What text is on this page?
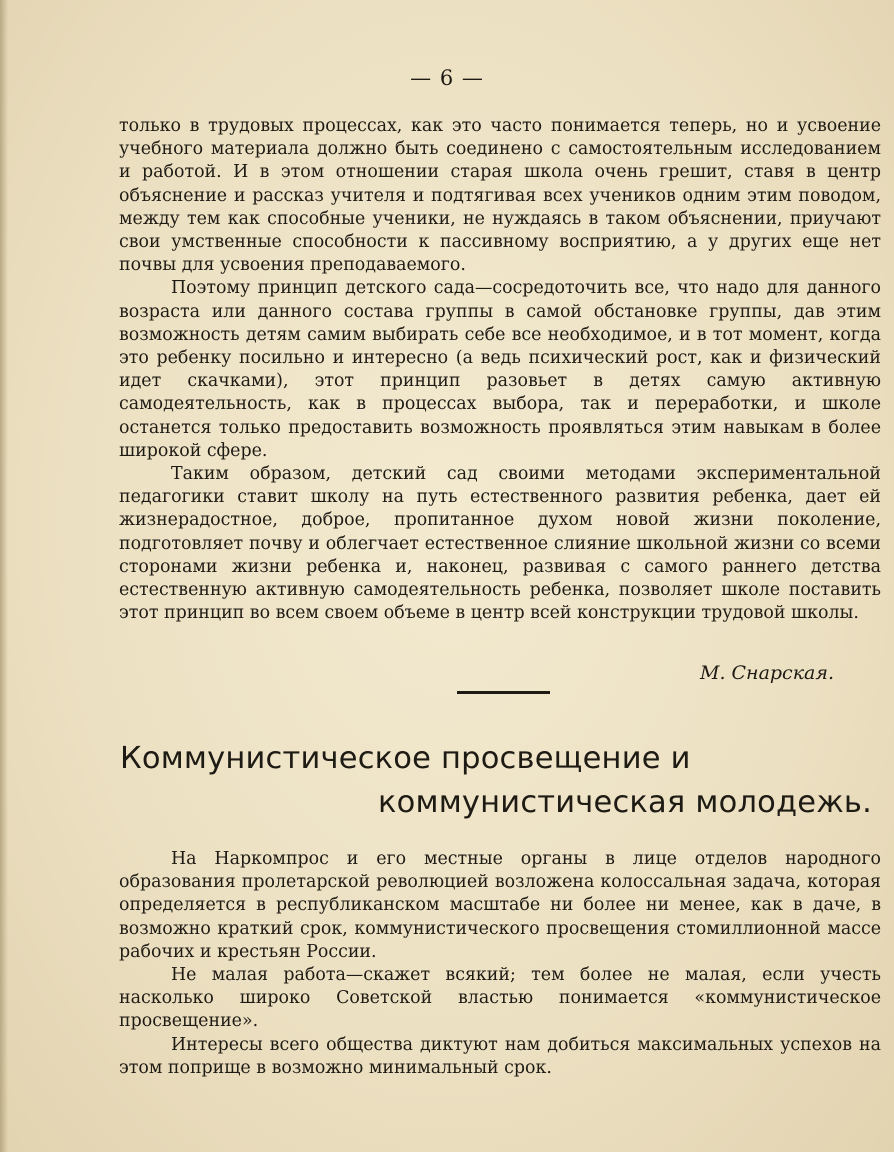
— 6 —

только в трудовых процессах, как это часто понимается теперь, но и усвоение учебного материала должно быть соединено с самостоятельным исследованием и работой. И в этом отношении старая школа очень грешит, ставя в центр объяснение и рассказ учителя и подтягивая всех учеников одним этим поводом, между тем как способные ученики, не нуждаясь в таком объяснении, приучают свои умственные способности к пассивному восприятию, а у других еще нет почвы для усвоения преподаваемого.

Поэтому принцип детского сада—сосредоточить все, что надо для данного возраста или данного состава группы в самой обстановке группы, дав этим возможность детям самим выбирать себе все необходимое, и в тот момент, когда это ребенку посильно и интересно (а ведь психический рост, как и физический идет скачками), этот принцип разовьет в детях самую активную самодеятельность, как в процессах выбора, так и переработки, и школе останется только предоставить возможность проявляться этим навыкам в более широкой сфере.

Таким образом, детский сад своими методами экспериментальной педагогики ставит школу на путь естественного развития ребенка, дает ей жизнерадостное, доброе, пропитанное духом новой жизни поколение, подготовляет почву и облегчает естественное слияние школьной жизни со всеми сторонами жизни ребенка и, наконец, развивая с самого раннего детства естественную активную самодеятельность ребенка, позволяет школе поставить этот принцип во всем своем объеме в центр всей конструкции трудовой школы.

М. Снарская.
Коммунистическое просвещение и
коммунистическая молодежь.

На Наркомпрос и его местные органы в лице отделов народного образования пролетарской революцией возложена колоссальная задача, которая определяется в республиканском масштабе ни более ни менее, как в даче, в возможно краткий срок, коммунистического просвещения стомиллионной массе рабочих и крестьян России.

Не малая работа—скажет всякий; тем более не малая, если учесть насколько широко Советской властью понимается «коммунистическое просвещение».

Интересы всего общества диктуют нам добиться максимальных успехов на этом поприще в возможно минимальный срок.
